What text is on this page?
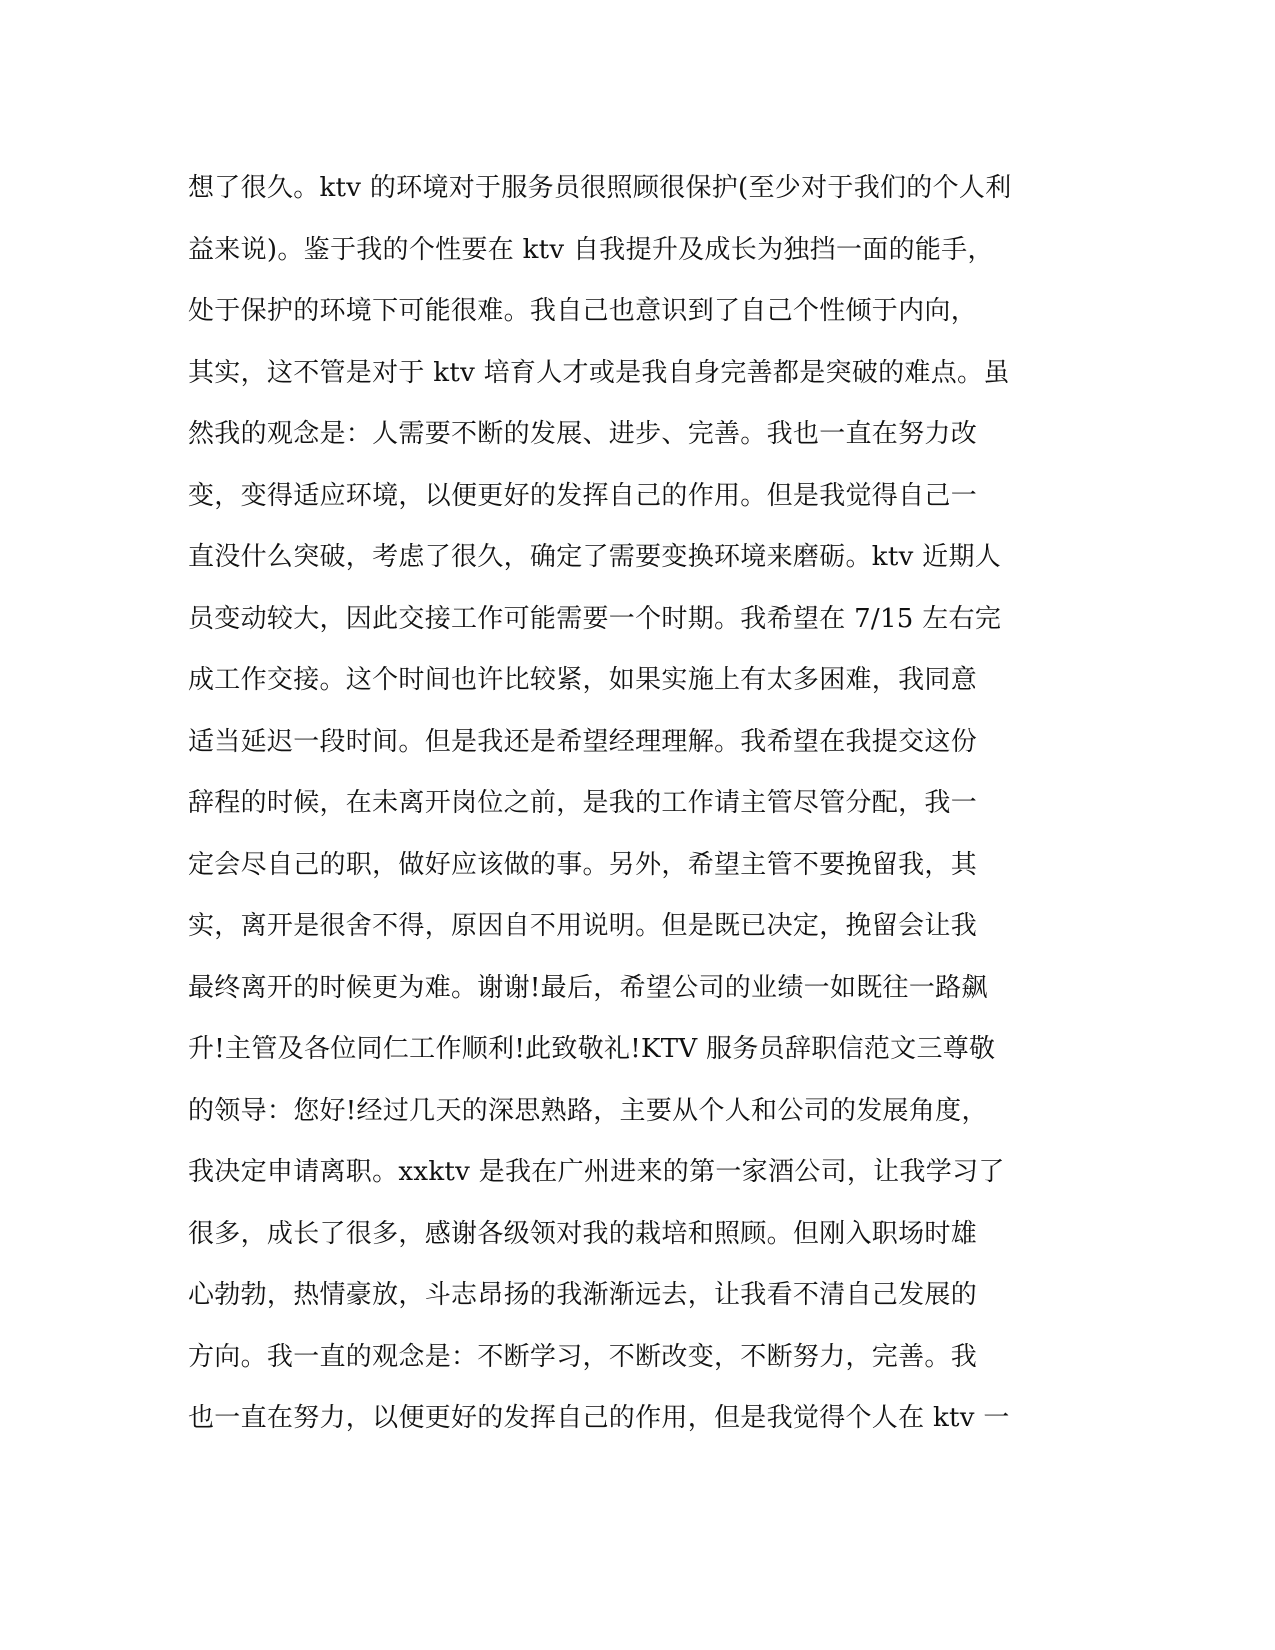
想了很久。ktv 的环境对于服务员很照顾很保护(至少对于我们的个人利
益来说)。鉴于我的个性要在 ktv 自我提升及成长为独挡一面的能手，
处于保护的环境下可能很难。我自己也意识到了自己个性倾于内向，
其实，这不管是对于 ktv 培育人才或是我自身完善都是突破的难点。虽
然我的观念是：人需要不断的发展、进步、完善。我也一直在努力改
变，变得适应环境，以便更好的发挥自己的作用。但是我觉得自己一
直没什么突破，考虑了很久，确定了需要变换环境来磨砺。ktv 近期人
员变动较大，因此交接工作可能需要一个时期。我希望在 7/15 左右完
成工作交接。这个时间也许比较紧，如果实施上有太多困难，我同意
适当延迟一段时间。但是我还是希望经理理解。我希望在我提交这份
辞程的时候，在未离开岗位之前，是我的工作请主管尽管分配，我一
定会尽自己的职，做好应该做的事。另外，希望主管不要挽留我，其
实，离开是很舍不得，原因自不用说明。但是既已决定，挽留会让我
最终离开的时候更为难。谢谢!最后，希望公司的业绩一如既往一路飙
升!主管及各位同仁工作顺利!此致敬礼!KTV 服务员辞职信范文三尊敬
的领导：您好!经过几天的深思熟路，主要从个人和公司的发展角度，
我决定申请离职。xxktv 是我在广州进来的第一家酒公司，让我学习了
很多，成长了很多，感谢各级领对我的栽培和照顾。但刚入职场时雄
心勃勃，热情豪放，斗志昂扬的我渐渐远去，让我看不清自己发展的
方向。我一直的观念是：不断学习，不断改变，不断努力，完善。我
也一直在努力，以便更好的发挥自己的作用，但是我觉得个人在 ktv 一
